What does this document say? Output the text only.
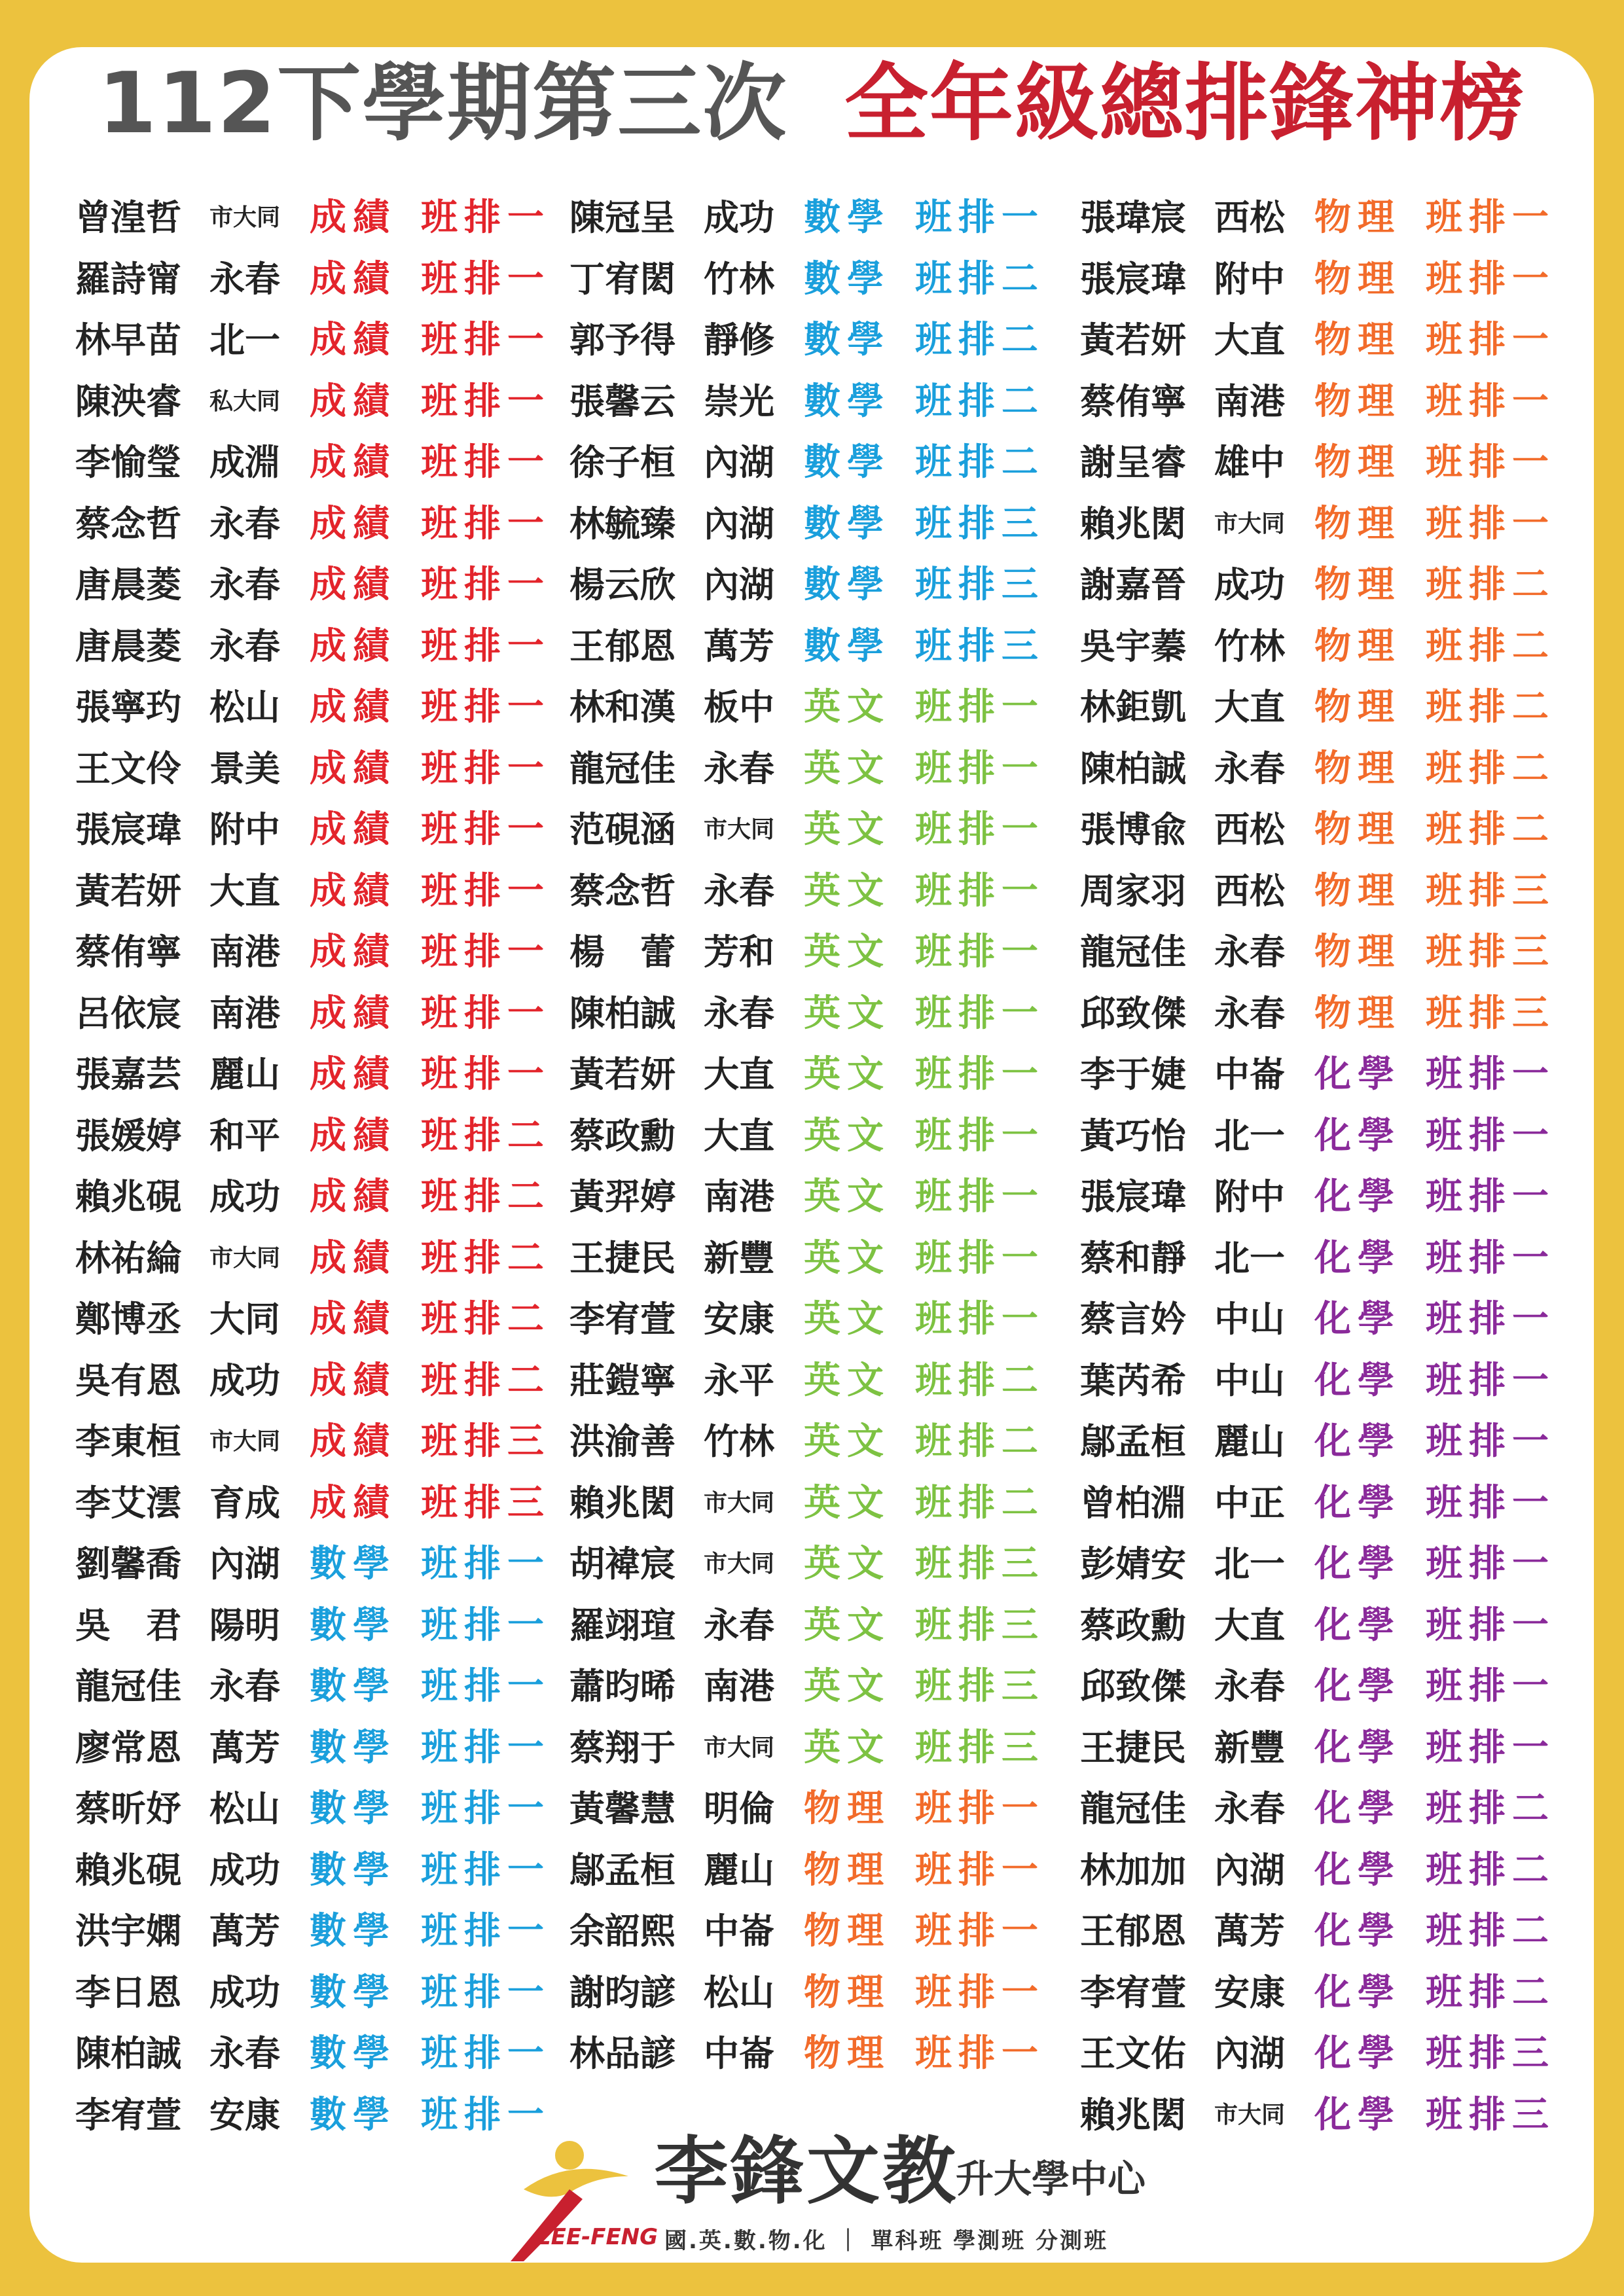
112下學期第三次 全年級總排鋒神榜
曾湟哲 市大同 成績 班排一
羅詩甯 永春 成績 班排一
林早苗 北一 成績 班排一
陳泱睿 私大同 成績 班排一
李愉瑩 成淵 成績 班排一
蔡念哲 永春 成績 班排一
唐晨菱 永春 成績 班排一
唐晨菱 永春 成績 班排一
張寧玓 松山 成績 班排一
王文伶 景美 成績 班排一
張宸瑋 附中 成績 班排一
黃若妍 大直 成績 班排一
蔡侑寧 南港 成績 班排一
呂依宸 南港 成績 班排一
張嘉芸 麗山 成績 班排一
張媛婷 和平 成績 班排二
賴兆硯 成功 成績 班排二
林祐綸 市大同 成績 班排二
鄭博丞 大同 成績 班排二
吳有恩 成功 成績 班排二
李東桓 市大同 成績 班排三
李艾澐 育成 成績 班排三
劉馨喬 內湖 數學 班排一
吳　君 陽明 數學 班排一
龍冠佳 永春 數學 班排一
廖常恩 萬芳 數學 班排一
蔡昕妤 松山 數學 班排一
賴兆硯 成功 數學 班排一
洪宇嫻 萬芳 數學 班排一
李日恩 成功 數學 班排一
陳柏誠 永春 數學 班排一
李宥萱 安康 數學 班排一
陳冠呈 成功 數學 班排一
丁宥閎 竹林 數學 班排二
郭予得 靜修 數學 班排二
張馨云 崇光 數學 班排二
徐子桓 內湖 數學 班排二
林毓臻 內湖 數學 班排三
楊云欣 內湖 數學 班排三
王郁恩 萬芳 數學 班排三
林和漢 板中 英文 班排一
龍冠佳 永春 英文 班排一
范硯涵 市大同 英文 班排一
蔡念哲 永春 英文 班排一
楊　蕾 芳和 英文 班排一
陳柏誠 永春 英文 班排一
黃若妍 大直 英文 班排一
蔡政勳 大直 英文 班排一
黃羿婷 南港 英文 班排一
王捷民 新豐 英文 班排一
李宥萱 安康 英文 班排一
莊鎧寧 永平 英文 班排二
洪渝善 竹林 英文 班排二
賴兆閎 市大同 英文 班排二
胡褘宸 市大同 英文 班排三
羅翊瑄 永春 英文 班排三
蕭昀晞 南港 英文 班排三
蔡翔于 市大同 英文 班排三
黃馨慧 明倫 物理 班排一
鄔孟桓 麗山 物理 班排一
余韶熙 中崙 物理 班排一
謝昀諺 松山 物理 班排一
林品諺 中崙 物理 班排一
張瑋宸 西松 物理 班排一
張宸瑋 附中 物理 班排一
黃若妍 大直 物理 班排一
蔡侑寧 南港 物理 班排一
謝呈睿 雄中 物理 班排一
賴兆閎 市大同 物理 班排一
謝嘉晉 成功 物理 班排二
吳宇蓁 竹林 物理 班排二
林鉅凱 大直 物理 班排二
陳柏誠 永春 物理 班排二
張博兪 西松 物理 班排二
周家羽 西松 物理 班排三
龍冠佳 永春 物理 班排三
邱致傑 永春 物理 班排三
李于婕 中崙 化學 班排一
黃巧怡 北一 化學 班排一
張宸瑋 附中 化學 班排一
蔡和靜 北一 化學 班排一
蔡言妗 中山 化學 班排一
葉芮希 中山 化學 班排一
鄔孟桓 麗山 化學 班排一
曾柏淵 中正 化學 班排一
彭婧安 北一 化學 班排一
蔡政勳 大直 化學 班排一
邱致傑 永春 化學 班排一
王捷民 新豐 化學 班排一
龍冠佳 永春 化學 班排二
林加加 內湖 化學 班排二
王郁恩 萬芳 化學 班排二
李宥萱 安康 化學 班排二
王文佑 內湖 化學 班排三
賴兆閎 市大同 化學 班排三
李鋒文教
升大學中心
LEE-FENG 國.英.數.物.化 ｜ 單科班 學測班 分測班
